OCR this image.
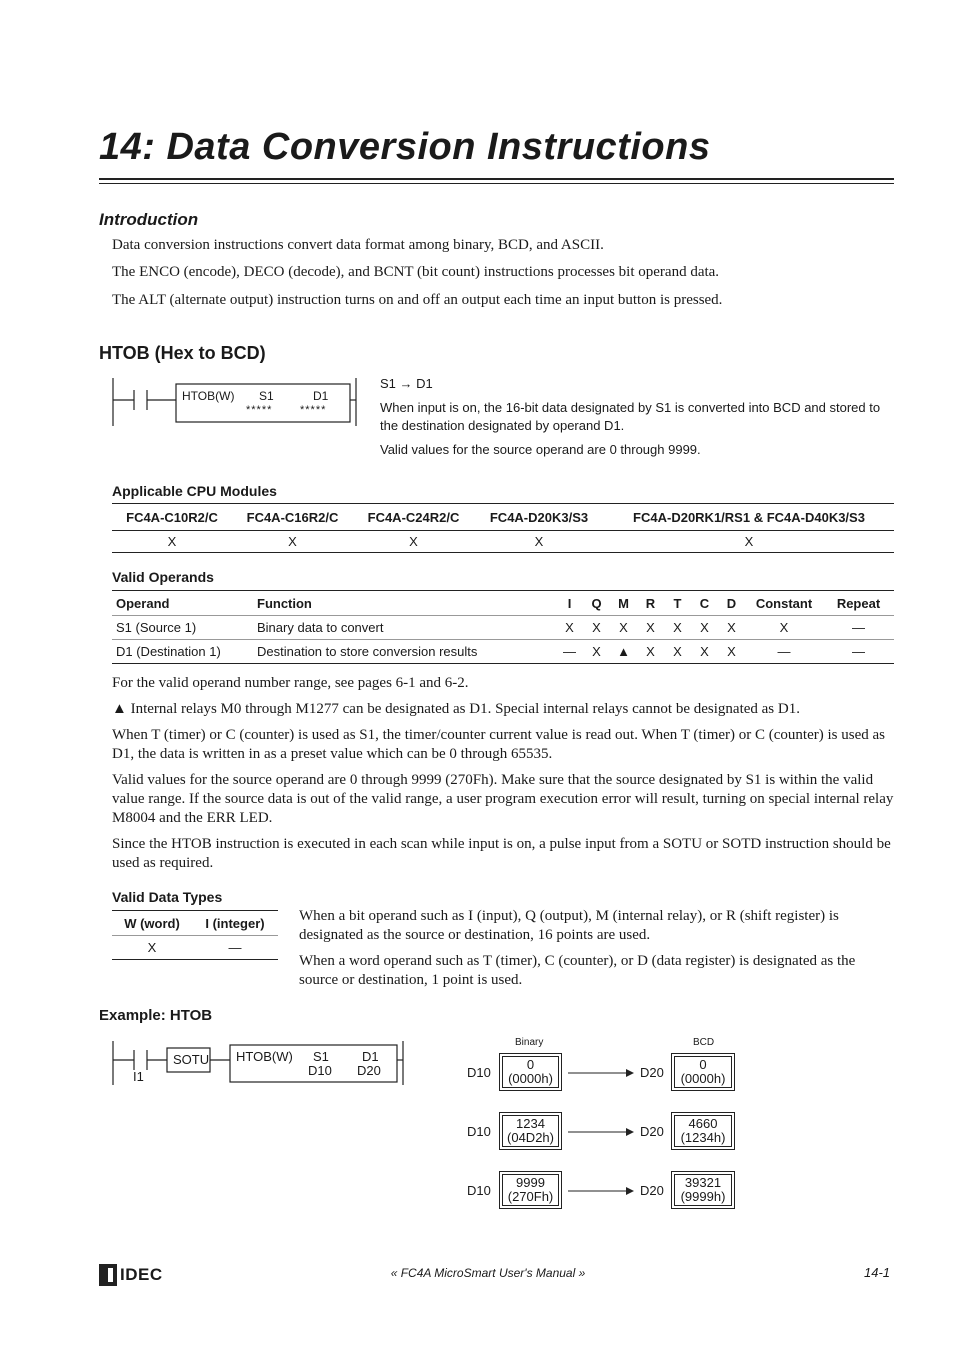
14: Data Conversion Instructions
Introduction
Data conversion instructions convert data format among binary, BCD, and ASCII.
The ENCO (encode), DECO (decode), and BCNT (bit count) instructions processes bit operand data.
The ALT (alternate output) instruction turns on and off an output each time an input button is pressed.
HTOB (Hex to BCD)
HTOB(W) S1	D1
*****	*****
S1 → D1
When input is on, the 16-bit data designated by S1 is converted into BCD and stored to the destination designated by operand D1.
Valid values for the source operand are 0 through 9999.
Applicable CPU Modules
FC4A-C10R2/C	FC4A-C16R2/C	FC4A-C24R2/C	FC4A-D20K3/S3	FC4A-D20RK1/RS1 & FC4A-D40K3/S3
X	X	X	X	X
Valid Operands
Operand	Function	I	Q	M	R	T	C	D	Constant	Repeat
S1 (Source 1)	Binary data to convert	X	X	X	X	X	X	X	X	—
D1 (Destination 1)	Destination to store conversion results	—	X	▲	X	X	X	X	—	—
For the valid operand number range, see pages 6-1 and 6-2.
▲ Internal relays M0 through M1277 can be designated as D1. Special internal relays cannot be designated as D1.
When T (timer) or C (counter) is used as S1, the timer/counter current value is read out. When T (timer) or C (counter) is used as D1, the data is written in as a preset value which can be 0 through 65535.
Valid values for the source operand are 0 through 9999 (270Fh). Make sure that the source designated by S1 is within the valid value range. If the source data is out of the valid range, a user program execution error will result, turning on special internal relay M8004 and the ERR LED.
Since the HTOB instruction is executed in each scan while input is on, a pulse input from a SOTU or SOTD instruction should be used as required.
Valid Data Types
W (word)	I (integer)
X	—
When a bit operand such as I (input), Q (output), M (internal relay), or R (shift register) is designated as the source or destination, 16 points are used.
When a word operand such as T (timer), C (counter), or D (data register) is designated as the source or destination, 1 point is used.
Example: HTOB
I1
SOTU HTOB(W) S1	D1
D10 D20
Binary	BCD
D10
0
(0000h)	D20
0
(0000h)
D10
1234
(04D2h)	D20
4660
(1234h)
D10
9999
(270Fh)	D20
39321
(9999h)
IDEC	« FC4A MicroSmart User's Manual »	14-1
